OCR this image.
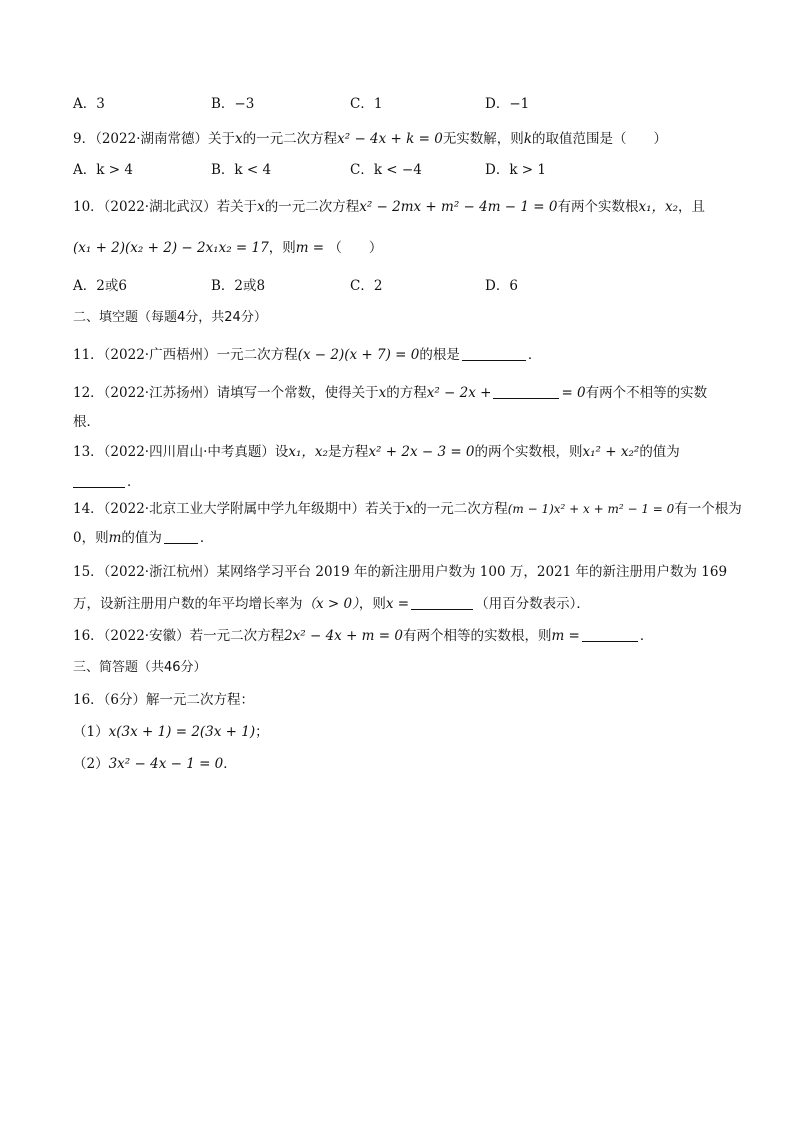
A．3	B．−3	C．1	D．−1
9．（2022·湖南常德）关于x的一元二次方程x² − 4x + k = 0无实数解，则k的取值范围是（　　）
A．k > 4	B．k < 4	C．k < −4	D．k > 1
10．（2022·湖北武汉）若关于x的一元二次方程x² − 2mx + m² − 4m − 1 = 0有两个实数根x₁，x₂，且
(x₁ + 2)(x₂ + 2) − 2x₁x₂ = 17，则m = （　　）
A．2或6	B．2或8	C．2	D．6
二、填空题（每题4分，共24分）
11．（2022·广西梧州）一元二次方程(x − 2)(x + 7) = 0的根是	．
12．（2022·江苏扬州）请填写一个常数，使得关于x的方程x² − 2x +	= 0有两个不相等的实数
根．
13．（2022·四川眉山·中考真题）设x₁，x₂是方程x² + 2x − 3 = 0的两个实数根，则x₁² + x₂²的值为
．
14．（2022·北京工业大学附属中学九年级期中）若关于x的一元二次方程(m − 1)x² + x + m² − 1 = 0有一个根为
0，则m的值为	．
15．（2022·浙江杭州）某网络学习平台 2019 年的新注册用户数为 100 万，2021 年的新注册用户数为 169
万，设新注册用户数的年平均增长率为（x > 0），则x =	（用百分数表示）．
16．（2022·安徽）若一元二次方程2x² − 4x + m = 0有两个相等的实数根，则m =	．
三、简答题（共46分）
16．（6分）解一元二次方程：
（1）x(3x + 1) = 2(3x + 1)；
（2）3x² − 4x − 1 = 0．
